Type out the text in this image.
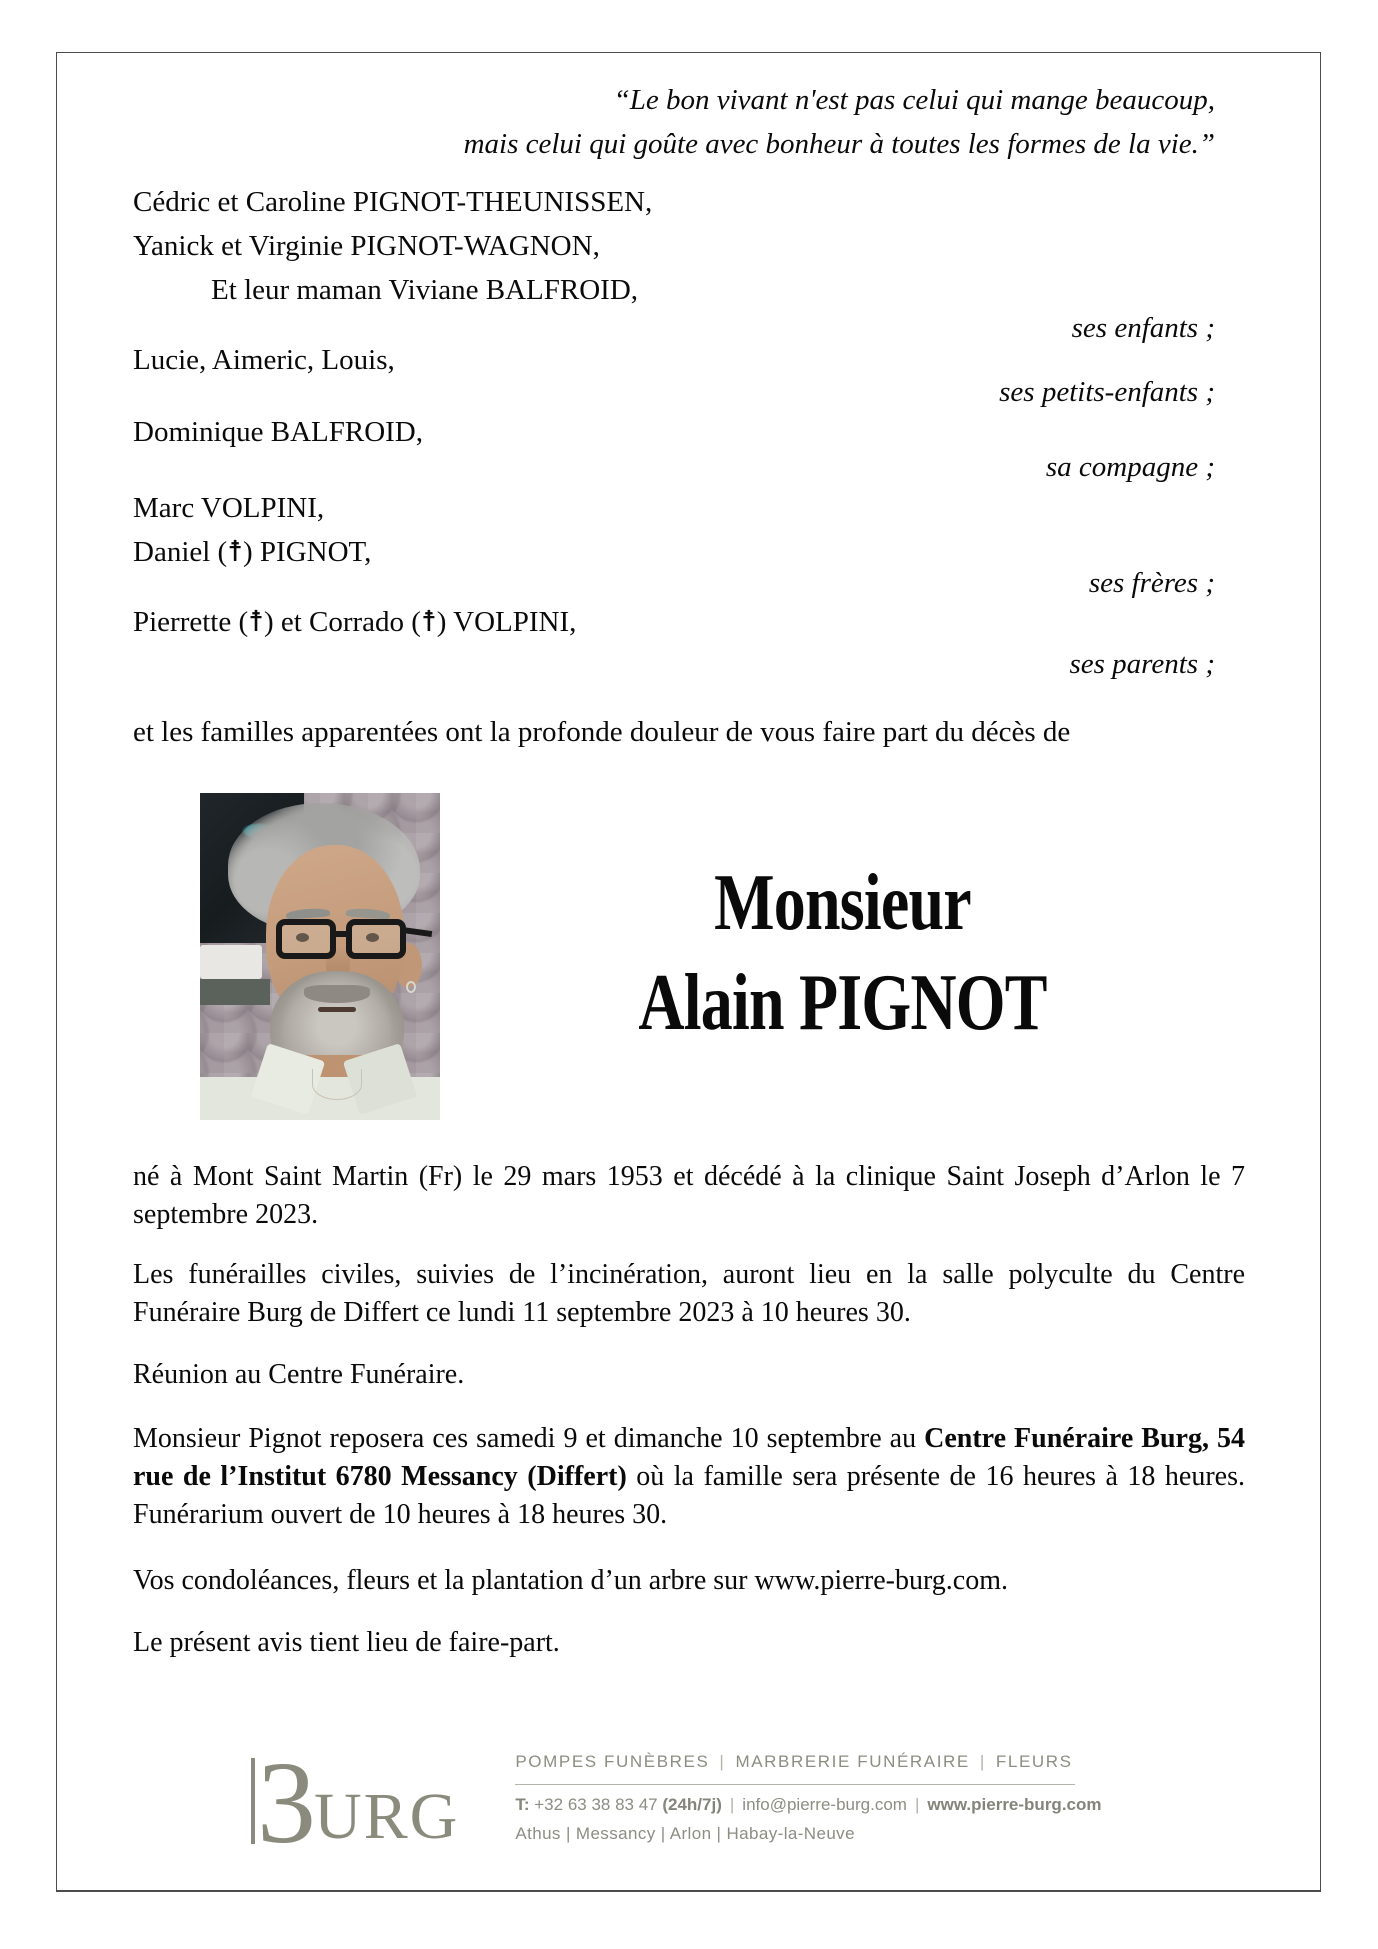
“Le bon vivant n'est pas celui qui mange beaucoup,
mais celui qui goûte avec bonheur à toutes les formes de la vie.”

Cédric et Caroline PIGNOT-THEUNISSEN,

Yanick et Virginie PIGNOT-WAGNON,

Et leur maman Viviane BALFROID,

ses enfants ;

Lucie, Aimeric, Louis,

ses petits-enfants ;

Dominique BALFROID,

sa compagne ;

Marc VOLPINI,

Daniel (☨) PIGNOT,

ses frères ;

Pierrette (☨) et Corrado (☨) VOLPINI,

ses parents ;

et les familles apparentées ont la profonde douleur de vous faire part du décès de

Monsieur

Alain PIGNOT

né à Mont Saint Martin (Fr) le 29 mars 1953 et décédé à la clinique Saint Joseph d’Arlon le 7 septembre 2023.

Les funérailles civiles, suivies de l’incinération, auront lieu en la salle polyculte du Centre Funéraire Burg de Differt ce lundi 11 septembre 2023 à 10 heures 30.

Réunion au Centre Funéraire.

Monsieur Pignot reposera ces samedi 9 et dimanche 10 septembre au Centre Funéraire Burg, 54 rue de l’Institut 6780 Messancy (Differt) où la famille sera présente de 16 heures à 18 heures. Funérarium ouvert de 10 heures à 18 heures 30.

Vos condoléances, fleurs et la plantation d’un arbre sur www.pierre-burg.com.

Le présent avis tient lieu de faire-part.

3 URG
POMPES FUNÈBRES | MARBRERIE FUNÉRAIRE | FLEURS
T: +32 63 38 83 47 (24h/7j) | info@pierre-burg.com | www.pierre-burg.com
Athus | Messancy | Arlon | Habay-la-Neuve
